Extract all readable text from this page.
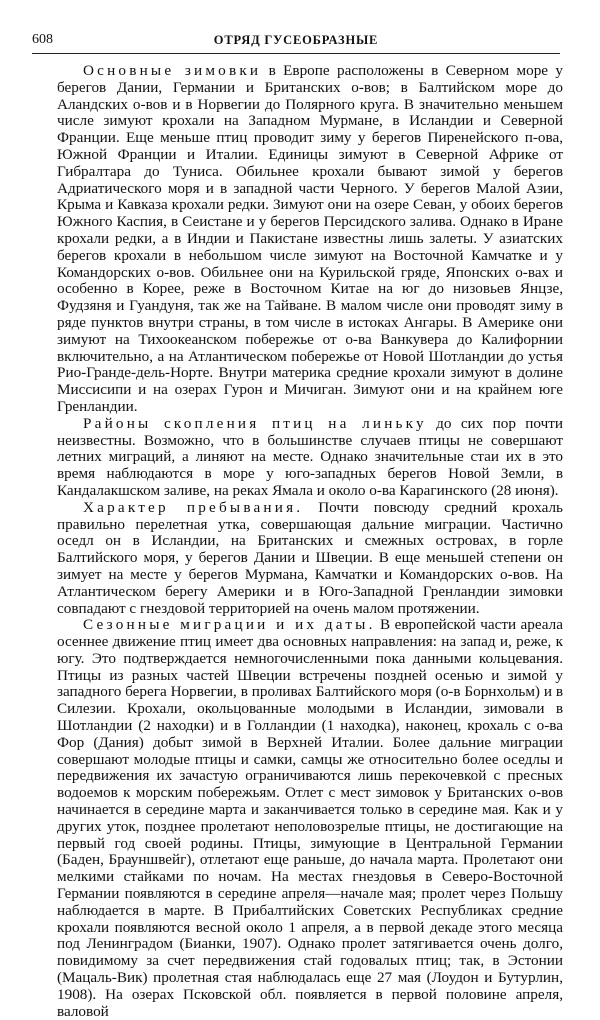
608	ОТРЯД ГУСЕОБРАЗНЫЕ

Основные зимовки в Европе расположены в Северном море у берегов Дании, Германии и Британских о-вов; в Балтийском море до Аландских о-вов и в Норвегии до Полярного круга. В значительно меньшем числе зимуют крохали на Западном Мурмане, в Исландии и Северной Франции. Еще меньше птиц проводит зиму у берегов Пиренейского п-ова, Южной Франции и Италии. Единицы зимуют в Северной Африке от Гибралтара до Туниса. Обильнее крохали бывают зимой у берегов Адриатического моря и в западной части Черного. У берегов Малой Азии, Крыма и Кавказа крохали редки. Зимуют они на озере Севан, у обоих берегов Южного Каспия, в Сеистане и у берегов Персидского залива. Однако в Иране крохали редки, а в Индии и Пакистане известны лишь залеты. У азиатских берегов крохали в небольшом числе зимуют на Восточной Камчатке и у Командорских о-вов. Обильнее они на Курильской гряде, Японских о-вах и особенно в Корее, реже в Восточном Китае на юг до низовьев Янцзе, Фудзяня и Гуандуня, так же на Тайване. В малом числе они проводят зиму в ряде пунктов внутри страны, в том числе в истоках Ангары. В Америке они зимуют на Тихоокеанском побережье от о-ва Ванкувера до Калифорнии включительно, а на Атлантическом побережье от Новой Шотландии до устья Рио-Гранде-дель-Норте. Внутри материка средние крохали зимуют в долине Миссисипи и на озерах Гурон и Мичиган. Зимуют они и на крайнем юге Гренландии.

Районы скопления птиц на линьку до сих пор почти неизвестны. Возможно, что в большинстве случаев птицы не совершают летних миграций, а линяют на месте. Однако значительные стаи их в это время наблюдаются в море у юго-западных берегов Новой Земли, в Кандалакшском заливе, на реках Ямала и около о-ва Карагинского (28 июня).

Характер пребывания. Почти повсюду средний крохаль правильно перелетная утка, совершающая дальние миграции. Частично оседл он в Исландии, на Британских и смежных островах, в горле Балтийского моря, у берегов Дании и Швеции. В еще меньшей степени он зимует на месте у берегов Мурмана, Камчатки и Командорских о-вов. На Атлантическом берегу Америки и в Юго-Западной Гренландии зимовки совпадают с гнездовой территорией на очень малом протяжении.

Сезонные миграции и их даты. В европейской части ареала осеннее движение птиц имеет два основных направления: на запад и, реже, к югу. Это подтверждается немногочисленными пока данными кольцевания. Птицы из разных частей Швеции встречены поздней осенью и зимой у западного берега Норвегии, в проливах Балтийского моря (о-в Борнхольм) и в Силезии. Крохали, окольцованные молодыми в Исландии, зимовали в Шотландии (2 находки) и в Голландии (1 находка), наконец, крохаль с о-ва Фор (Дания) добыт зимой в Верхней Италии. Более дальние миграции совершают молодые птицы и самки, самцы же относительно более оседлы и передвижения их зачастую ограничиваются лишь перекочевкой с пресных водоемов к морским побережьям. Отлет с мест зимовок у Британских о-вов начинается в середине марта и заканчивается только в середине мая. Как и у других уток, позднее пролетают неполовозрелые птицы, не достигающие на первый год своей родины. Птицы, зимующие в Центральной Германии (Баден, Брауншвейг), отлетают еще раньше, до начала марта. Пролетают они мелкими стайками по ночам. На местах гнездовья в Северо-Восточной Германии появляются в середине апреля—начале мая; пролет через Польшу наблюдается в марте. В Прибалтийских Советских Республиках средние крохали появляются весной около 1 апреля, а в первой декаде этого месяца под Ленинградом (Бианки, 1907). Однако пролет затягивается очень долго, повидимому за счет передвижения стай годовалых птиц; так, в Эстонии (Мацаль-Вик) пролетная стая наблюдалась еще 27 мая (Лоудон и Бутурлин, 1908). На озерах Псковской обл. появляется в первой половине апреля, валовой
